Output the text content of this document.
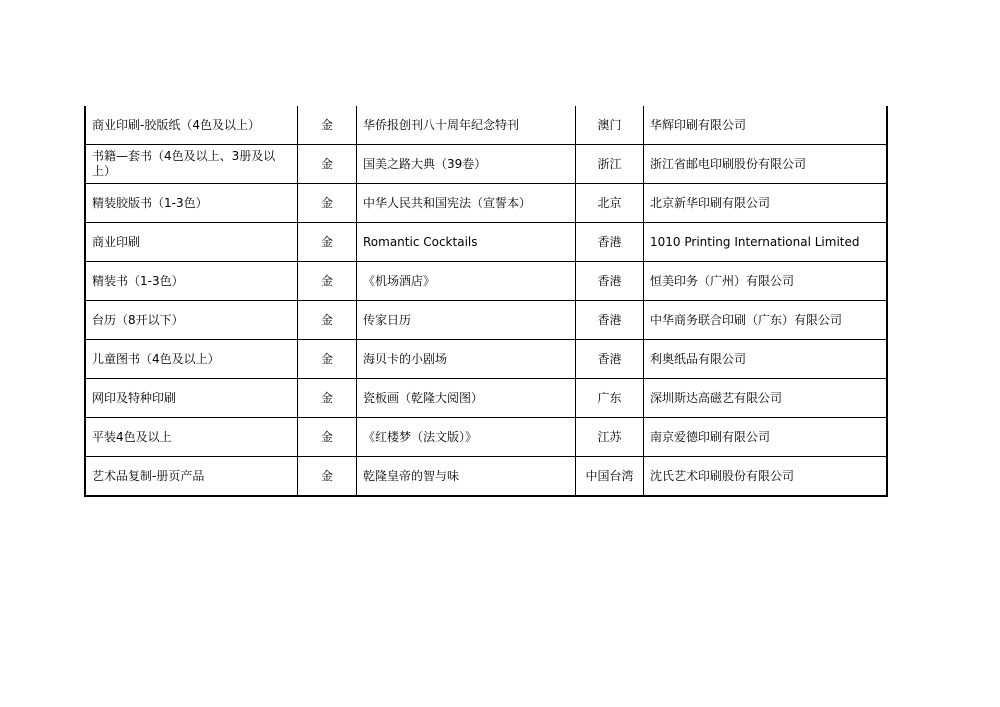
商业印刷-胶版纸（4色及以上）	金	华侨报创刊八十周年纪念特刊	澳门	华辉印刷有限公司
书籍—套书（4色及以上、3册及以上）	金	国美之路大典（39卷）	浙江	浙江省邮电印刷股份有限公司
精装胶版书（1-3色）	金	中华人民共和国宪法（宣誓本）	北京	北京新华印刷有限公司
商业印刷	金	Romantic Cocktails	香港	1010 Printing International Limited
精装书（1-3色）	金	《机场酒店》	香港	恒美印务（广州）有限公司
台历（8开以下）	金	传家日历	香港	中华商务联合印刷（广东）有限公司
儿童图书（4色及以上）	金	海贝卡的小剧场	香港	利奥纸品有限公司
网印及特种印刷	金	瓷板画（乾隆大阅图）	广东	深圳斯达高磁艺有限公司
平装4色及以上	金	《红楼梦（法文版）》	江苏	南京爱德印刷有限公司
艺术品复制-册页产品	金	乾隆皇帝的智与味	中国台湾	沈氏艺术印刷股份有限公司
